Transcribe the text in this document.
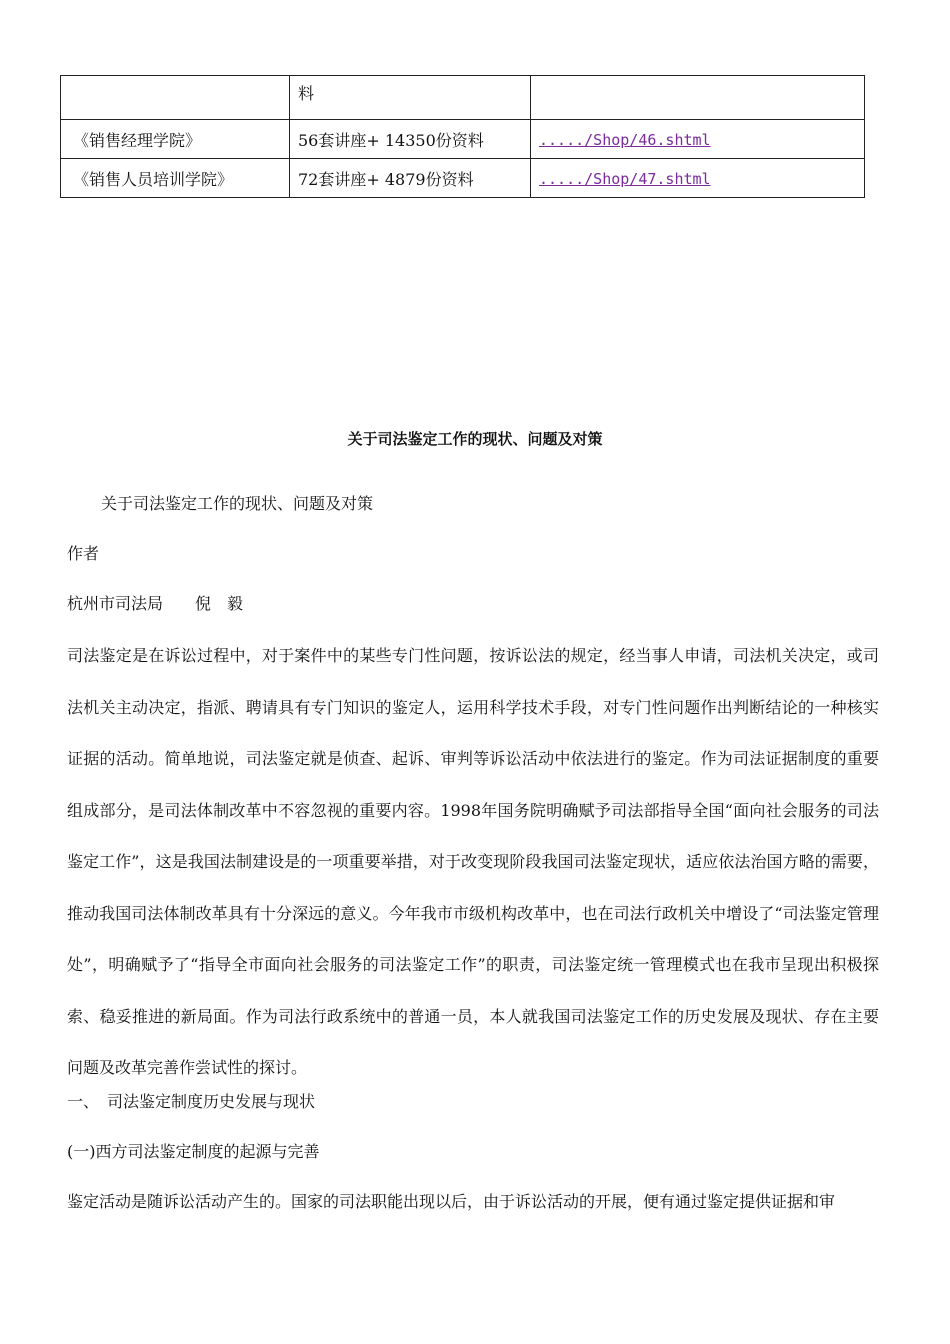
	料	
《销售经理学院》	56套讲座+ 14350份资料	...../Shop/46.shtml
《销售人员培训学院》	72套讲座+ 4879份资料	...../Shop/47.shtml
关于司法鉴定工作的现状、问题及对策
关于司法鉴定工作的现状、问题及对策
作者
杭州市司法局　　倪　毅

司法鉴定是在诉讼过程中，对于案件中的某些专门性问题，按诉讼法的规定，经当事人申请，司法机关决定，或司法机关主动决定，指派、聘请具有专门知识的鉴定人，运用科学技术手段，对专门性问题作出判断结论的一种核实证据的活动。简单地说，司法鉴定就是侦查、起诉、审判等诉讼活动中依法进行的鉴定。作为司法证据制度的重要组成部分，是司法体制改革中不容忽视的重要内容。1998年国务院明确赋予司法部指导全国“面向社会服务的司法鉴定工作”，这是我国法制建设是的一项重要举措，对于改变现阶段我国司法鉴定现状，适应依法治国方略的需要，推动我国司法体制改革具有十分深远的意义。今年我市市级机构改革中，也在司法行政机关中增设了“司法鉴定管理处”，明确赋予了“指导全市面向社会服务的司法鉴定工作”的职责，司法鉴定统一管理模式也在我市呈现出积极探索、稳妥推进的新局面。作为司法行政系统中的普通一员，本人就我国司法鉴定工作的历史发展及现状、存在主要问题及改革完善作尝试性的探讨。

一、　司法鉴定制度历史发展与现状
(一)西方司法鉴定制度的起源与完善
鉴定活动是随诉讼活动产生的。国家的司法职能出现以后，由于诉讼活动的开展，便有通过鉴定提供证据和审
